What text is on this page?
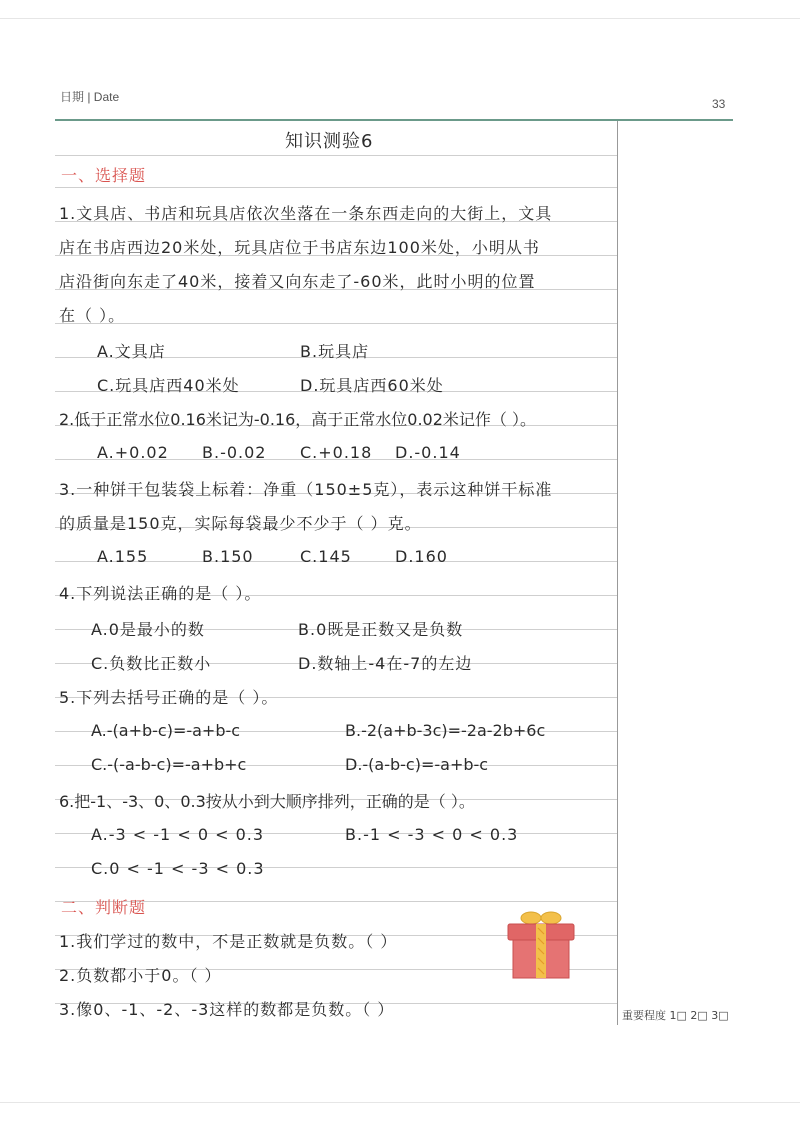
日期 | Date	33
知识测验6
一、选择题
1.文具店、书店和玩具店依次坐落在一条东西走向的大街上，文具
店在书店西边20米处，玩具店位于书店东边100米处，小明从书
店沿街向东走了40米，接着又向东走了-60米，此时小明的位置
在（ ）。
A.文具店	B.玩具店
C.玩具店西40米处	D.玩具店西60米处
2.低于正常水位0.16米记为-0.16，高于正常水位0.02米记作（ ）。
A.+0.02 B.-0.02 C.+0.18 D.-0.14
3.一种饼干包装袋上标着：净重（150±5克），表示这种饼干标准
的质量是150克，实际每袋最少不少于（ ）克。
A.155	B.150	C.145	D.160
4.下列说法正确的是（ ）。
A.0是最小的数	B.0既是正数又是负数
C.负数比正数小	D.数轴上-4在-7的左边
5.下列去括号正确的是（ ）。
A.-(a+b-c)=-a+b-c	B.-2(a+b-3c)=-2a-2b+6c
C.-(-a-b-c)=-a+b+c	D.-(a-b-c)=-a+b-c
6.把-1、-3、0、0.3按从小到大顺序排列，正确的是（ ）。
A.-3 < -1 < 0 < 0.3	B.-1 < -3 < 0 < 0.3
C.0 < -1 < -3 < 0.3
二、判断题
1.我们学过的数中，不是正数就是负数。（ ）
2.负数都小于0。（ ）
3.像0、-1、-2、-3这样的数都是负数。（ ）	重要程度 1□ 2□ 3□
